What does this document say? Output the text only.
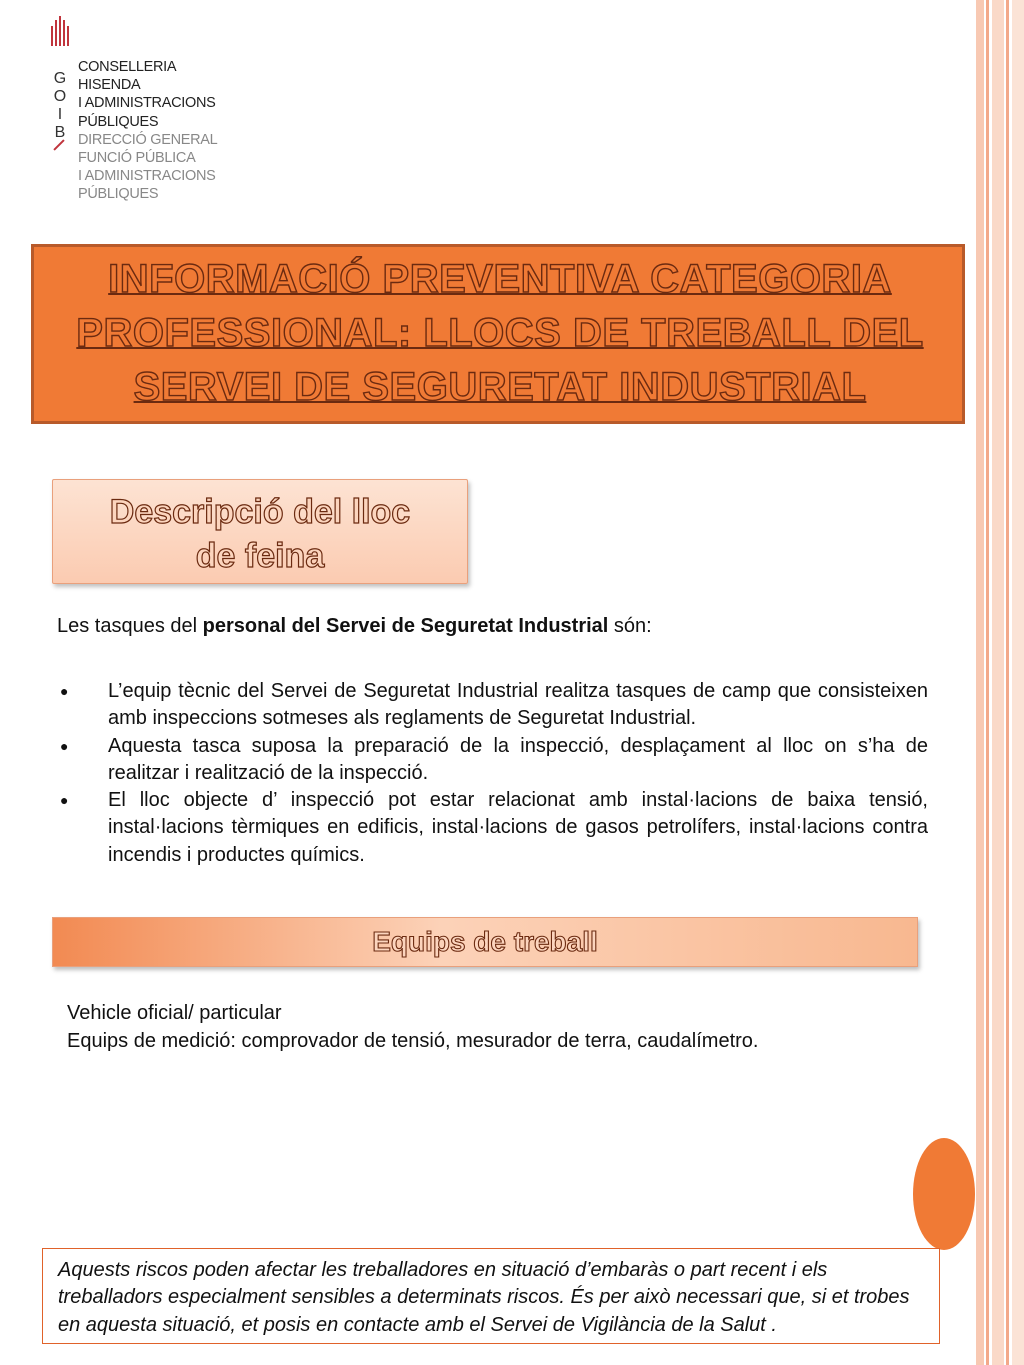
G
O
I
B
CONSELLERIA
HISENDA
I ADMINISTRACIONS
PÚBLIQUES
DIRECCIÓ GENERAL
FUNCIÓ PÚBLICA
I ADMINISTRACIONS
PÚBLIQUES
INFORMACIÓ PREVENTIVA CATEGORIA PROFESSIONAL: LLOCS DE TREBALL DEL SERVEI DE SEGURETAT INDUSTRIAL
Descripció del lloc
de feina
Les tasques del personal del Servei de Seguretat Industrial són:
● L’equip tècnic del Servei de Seguretat Industrial realitza tasques de camp que consisteixen amb inspeccions sotmeses als reglaments de Seguretat Industrial.
● Aquesta tasca suposa la preparació de la inspecció, desplaçament al lloc on s’ha de realitzar i realització de la inspecció.
● El lloc objecte d’ inspecció pot estar relacionat amb instal·lacions de baixa tensió, instal·lacions tèrmiques en edificis, instal·lacions de gasos petrolífers, instal·lacions contra incendis i productes químics.
Equips de treball
Vehicle oficial/ particular
Equips de medició: comprovador de tensió, mesurador de terra, caudalímetro.
Aquests riscos poden afectar les treballadores en situació d’embaràs o part recent i els treballadors especialment sensibles a determinats riscos. És per això necessari que, si et trobes en aquesta situació, et posis en contacte amb el Servei de Vigilància de la Salut .
